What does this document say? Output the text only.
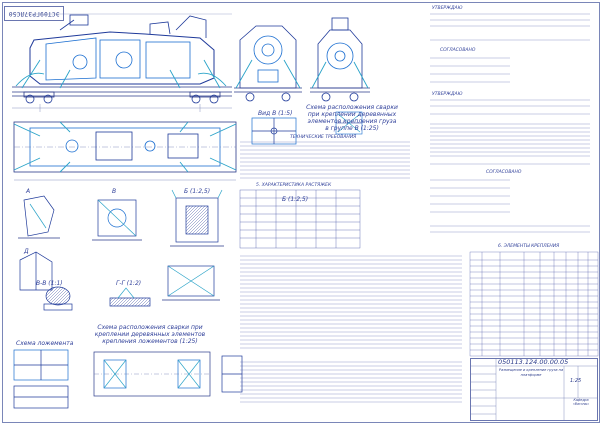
ЭСТ09ГРЗ7ЛС50
Б (1:2,5)
Вид В (1:5)
А	В	Б (1:2,5)
В-В (1:1)	Г-Г (1:2)
Д
Схема расположения сварки при креплении деревянных элементов крепления груза в группе В (1:25)
Схема расположения сварки при креплении деревянных элементов крепления ложементов (1:25)
Схема ложемента
ТЕХНИЧЕСКИЕ ТРЕБОВАНИЯ
5. ХАРАКТЕРИСТИКА РАСТЯЖЕК
6. ЭЛЕМЕНТЫ КРЕПЛЕНИЯ
УТВЕРЖДАЮ
СОГЛАСОВАНО
УТВЕРЖДАЮ
СОГЛАСОВАНО
050113.124.00.00.05
Размещение и крепление груза на платформе
1:25
Кафедра «Вагоны»
